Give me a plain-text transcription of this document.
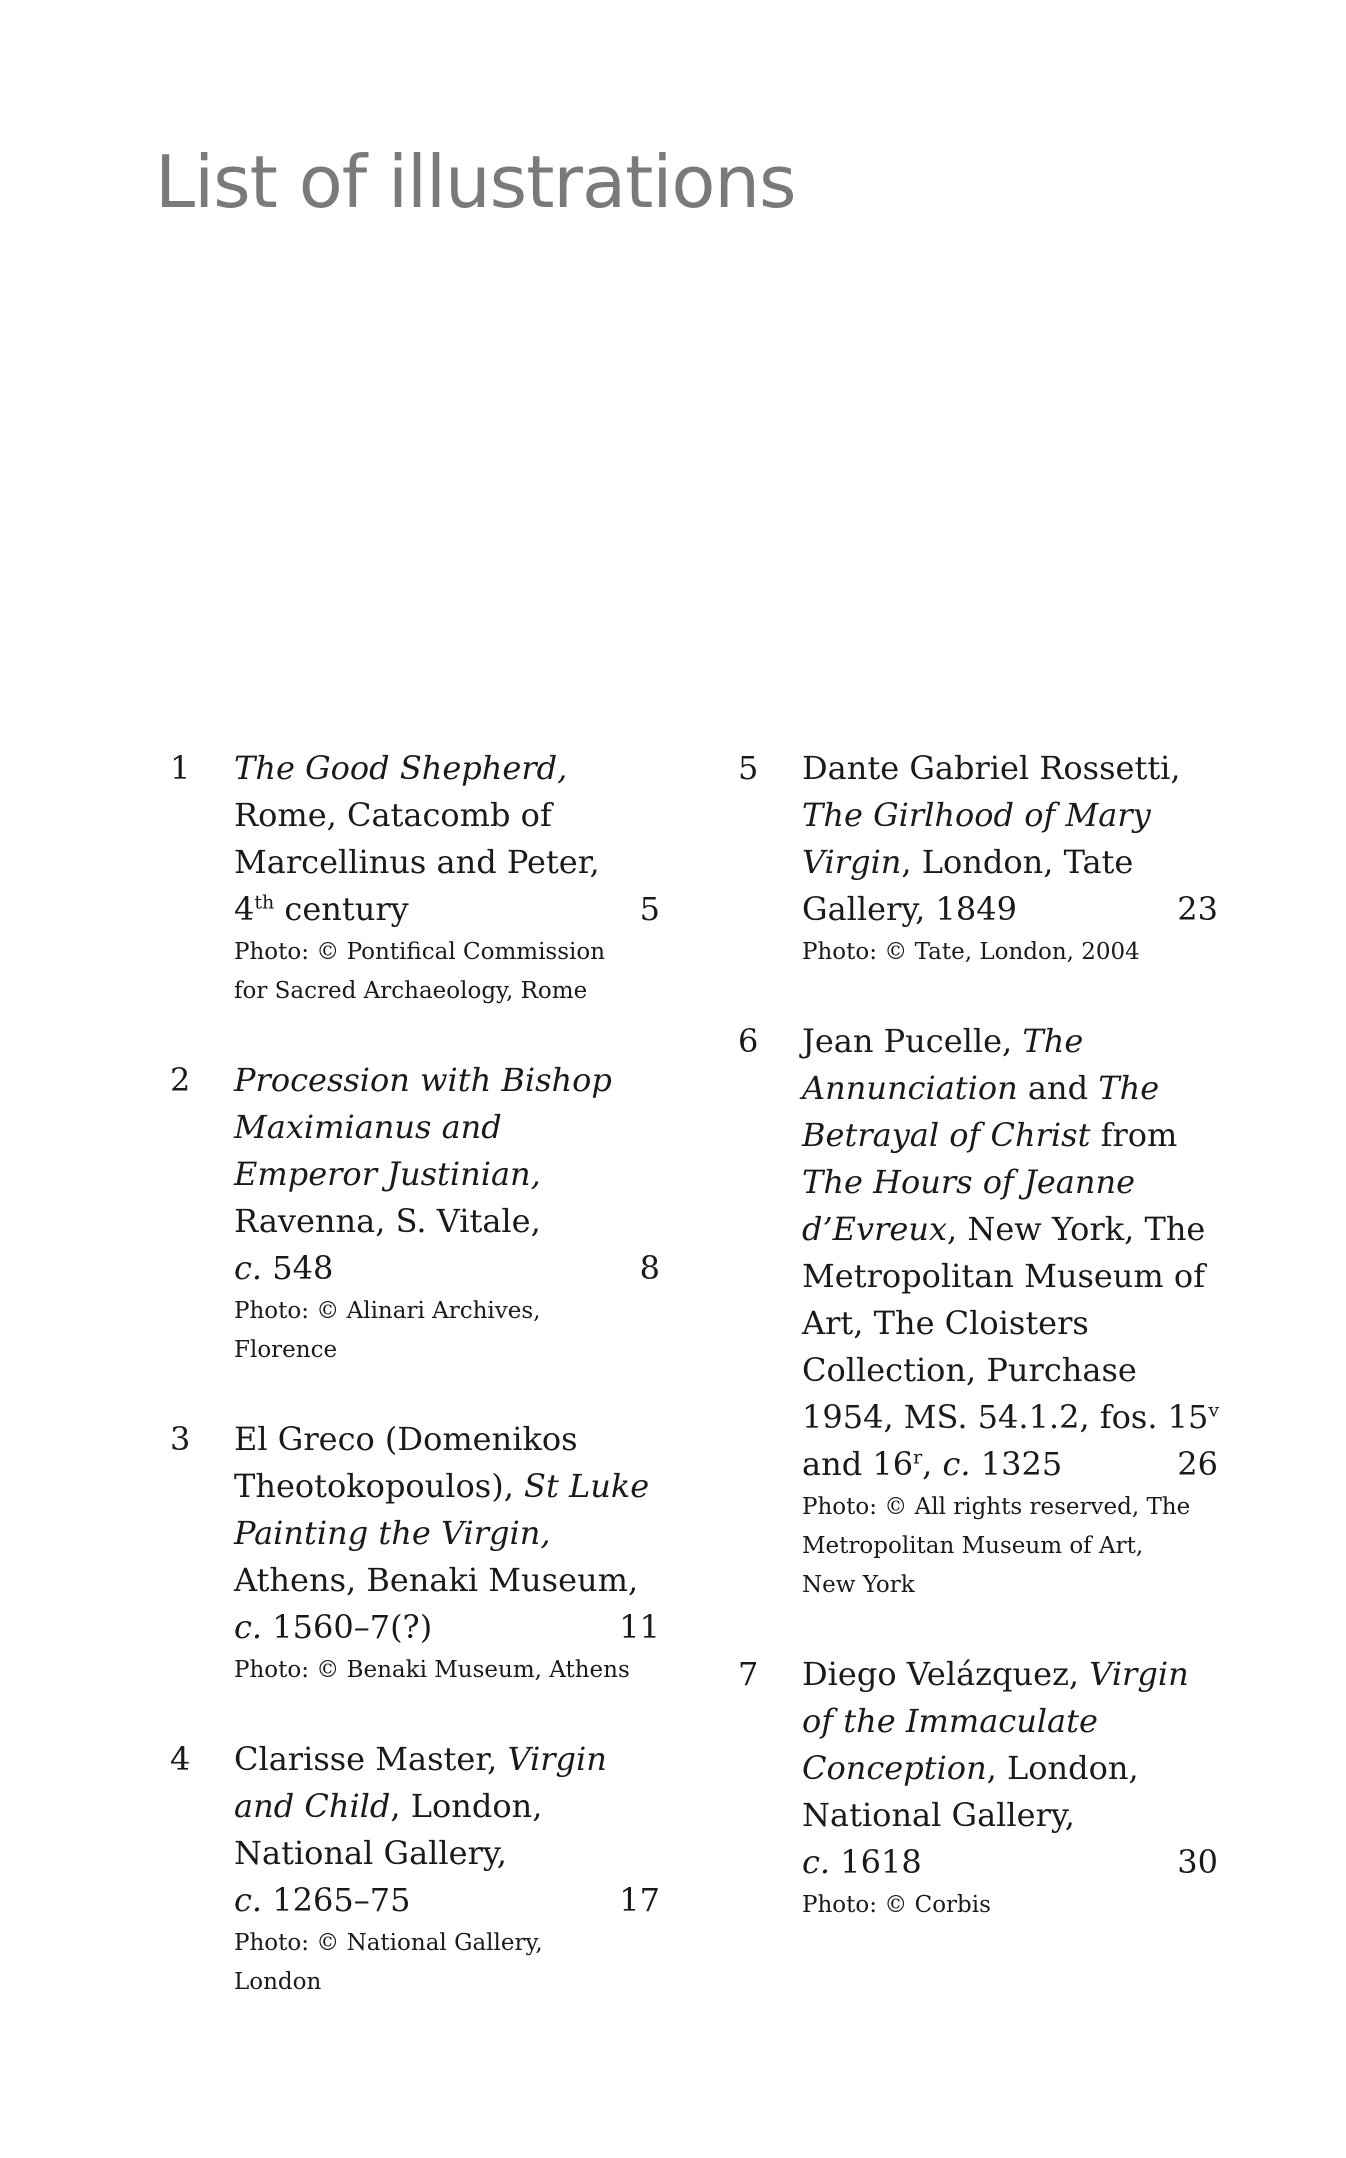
List of illustrations
1 The Good Shepherd,
Rome, Catacomb of
Marcellinus and Peter,
4th century	5
Photo: © Pontifical Commission
for Sacred Archaeology, Rome
2 Procession with Bishop
Maximianus and
Emperor Justinian,
Ravenna, S. Vitale,
c. 548	8
Photo: © Alinari Archives,
Florence
3 El Greco (Domenikos
Theotokopoulos), St Luke
Painting the Virgin,
Athens, Benaki Museum,
c. 1560–7(?)	11
Photo: © Benaki Museum, Athens
4 Clarisse Master, Virgin
and Child, London,
National Gallery,
c. 1265–75	17
Photo: © National Gallery,
London
5 Dante Gabriel Rossetti,
The Girlhood of Mary
Virgin, London, Tate
Gallery, 1849	23
Photo: © Tate, London, 2004
6 Jean Pucelle, The
Annunciation and The
Betrayal of Christ from
The Hours of Jeanne
d’Evreux, New York, The
Metropolitan Museum of
Art, The Cloisters
Collection, Purchase
1954, MS. 54.1.2, fos. 15$^v$
and 16$^r$, c. 1325	26
Photo: © All rights reserved, The
Metropolitan Museum of Art,
New York
7 Diego Velázquez, Virgin
of the Immaculate
Conception, London,
National Gallery,
c. 1618	30
Photo: © Corbis
